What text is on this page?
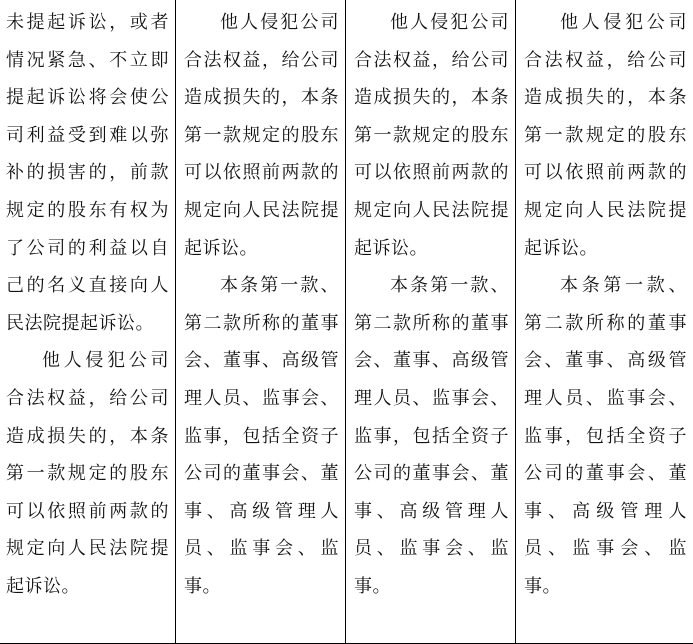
未提起诉讼，或者情况紧急、不立即提起诉讼将会使公司利益受到难以弥补的损害的，前款规定的股东有权为了公司的利益以自己的名义直接向人民法院提起诉讼。

他人侵犯公司合法权益，给公司造成损失的，本条第一款规定的股东可以依照前两款的规定向人民法院提起诉讼。

他人侵犯公司合法权益，给公司造成损失的，本条第一款规定的股东可以依照前两款的规定向人民法院提起诉讼。

本条第一款、第二款所称的董事会、董事、高级管理人员、监事会、监事，包括全资子公司的董事会、董事、高级管理人员、监事会、监事。

他人侵犯公司合法权益，给公司造成损失的，本条第一款规定的股东可以依照前两款的规定向人民法院提起诉讼。

本条第一款、第二款所称的董事会、董事、高级管理人员、监事会、监事，包括全资子公司的董事会、董事、高级管理人员、监事会、监事。

他人侵犯公司合法权益，给公司造成损失的，本条第一款规定的股东可以依照前两款的规定向人民法院提起诉讼。

本条第一款、第二款所称的董事会、董事、高级管理人员、监事会、监事，包括全资子公司的董事会、董事、高级管理人员、监事会、监事。
